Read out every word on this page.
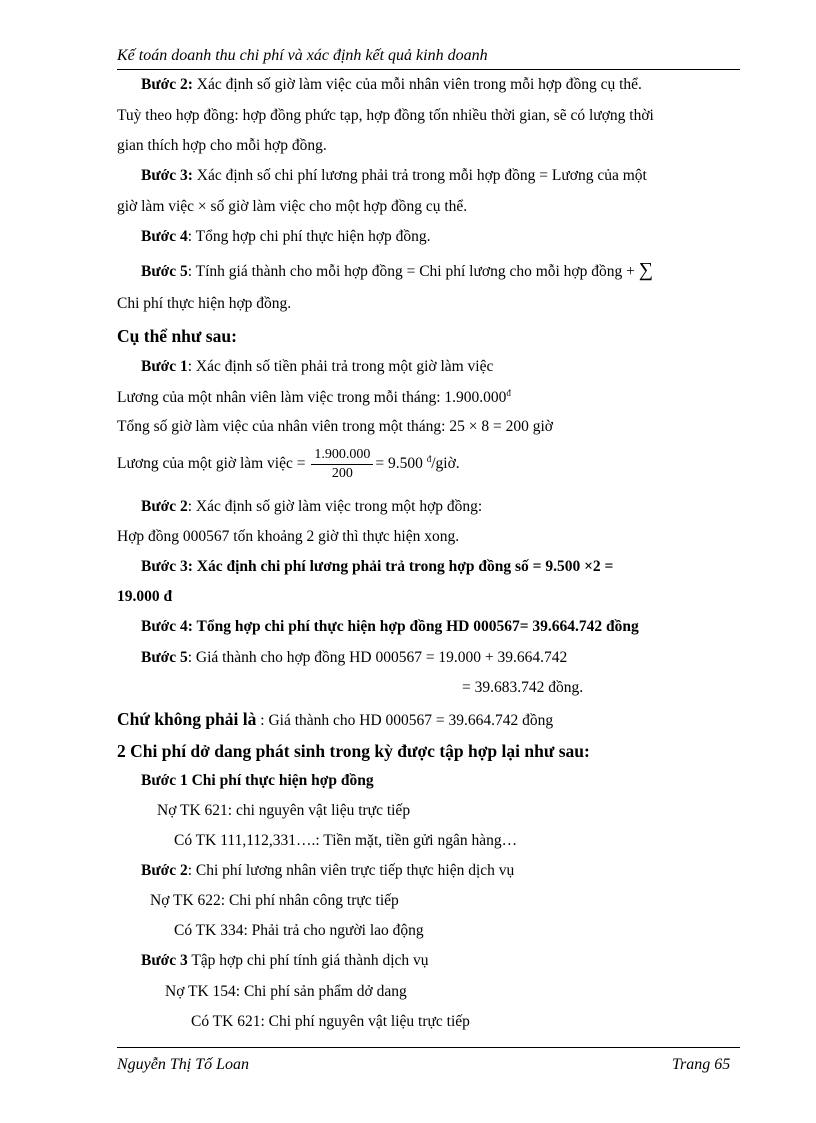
Kế toán doanh thu chi phí và xác định kết quả kinh doanh
Bước 2: Xác định số giờ làm việc của mỗi nhân viên trong mỗi hợp đồng cụ thể.
Tuỳ theo hợp đồng: hợp đồng phức tạp, hợp đồng tốn nhiều thời gian, sẽ có lượng thời
gian thích hợp cho mỗi hợp đồng.
Bước 3: Xác định số chi phí lương phải trả trong mỗi hợp đồng = Lương của một
giờ làm việc × số giờ làm việc cho một hợp đồng cụ thể.
Bước 4: Tổng hợp chi phí thực hiện hợp đồng.
Bước 5: Tính giá thành cho mỗi hợp đồng = Chi phí lương cho mỗi hợp đồng + ∑
Chi phí thực hiện hợp đồng.
Cụ thể như sau:
Bước 1: Xác định số tiền phải trả trong một giờ làm việc
Lương của một nhân viên làm việc trong mỗi tháng: $1.900.000^đ$
Tổng số giờ làm việc của nhân viên trong một tháng: 25 × 8 = 200 giờ
Lương của một giờ làm việc = $\frac{1.900.000}{200} = 9.500$ $^đ$/giờ.
Bước 2: Xác định số giờ làm việc trong một hợp đồng:
Hợp đồng 000567 tốn khoảng 2 giờ thì thực hiện xong.
Bước 3: Xác định chi phí lương phải trả trong hợp đồng số = 9.500 ×2 =
19.000 đ
Bước 4: Tổng hợp chi phí thực hiện hợp đồng HD 000567= 39.664.742 đồng
Bước 5: Giá thành cho hợp đồng HD 000567 = 19.000 + 39.664.742
= 39.683.742 đồng.
Chứ không phải là : Giá thành cho HD 000567 = 39.664.742 đồng
2 Chi phí dở dang phát sinh trong kỳ được tập hợp lại như sau:
Bước 1 Chi phí thực hiện hợp đồng
Nợ TK 621: chi nguyên vật liệu trực tiếp
Có TK 111,112,331….: Tiền mặt, tiền gửi ngân hàng…
Bước 2: Chi phí lương nhân viên trực tiếp thực hiện dịch vụ
Nợ TK 622: Chi phí nhân công trực tiếp
Có TK 334: Phải trả cho người lao động
Bước 3 Tập hợp chi phí tính giá thành dịch vụ
Nợ TK 154: Chi phí sản phẩm dở dang
Có TK 621: Chi phí nguyên vật liệu trực tiếp
Nguyễn Thị Tố Loan	Trang 65
